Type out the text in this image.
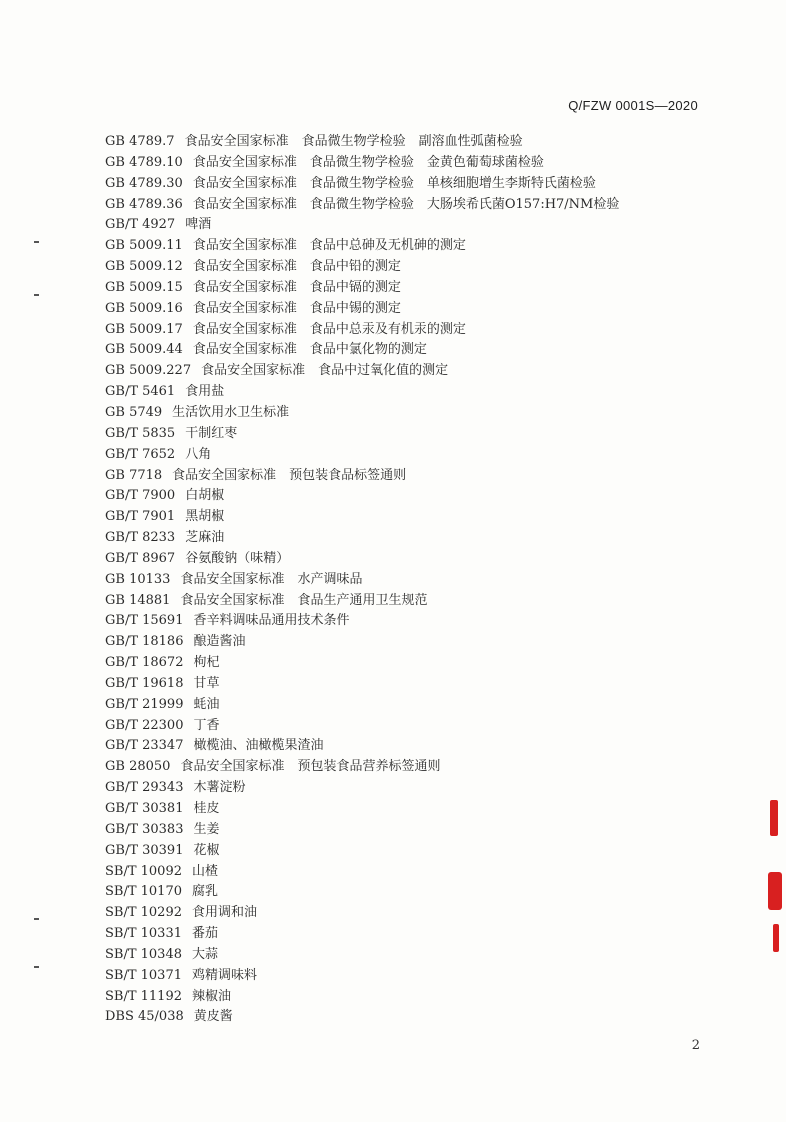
Q/FZW 0001S—2020
GB 4789.7 食品安全国家标准　食品微生物学检验　副溶血性弧菌检验
GB 4789.10 食品安全国家标准　食品微生物学检验　金黄色葡萄球菌检验
GB 4789.30 食品安全国家标准　食品微生物学检验　单核细胞增生李斯特氏菌检验
GB 4789.36 食品安全国家标准　食品微生物学检验　大肠埃希氏菌O157:H7/NM检验
GB/T 4927 啤酒
GB 5009.11 食品安全国家标准　食品中总砷及无机砷的测定
GB 5009.12 食品安全国家标准　食品中铅的测定
GB 5009.15 食品安全国家标准　食品中镉的测定
GB 5009.16 食品安全国家标准　食品中锡的测定
GB 5009.17 食品安全国家标准　食品中总汞及有机汞的测定
GB 5009.44 食品安全国家标准　食品中氯化物的测定
GB 5009.227 食品安全国家标准　食品中过氧化值的测定
GB/T 5461 食用盐
GB 5749 生活饮用水卫生标准
GB/T 5835 干制红枣
GB/T 7652 八角
GB 7718 食品安全国家标准　预包装食品标签通则
GB/T 7900 白胡椒
GB/T 7901 黑胡椒
GB/T 8233 芝麻油
GB/T 8967 谷氨酸钠（味精）
GB 10133 食品安全国家标准　水产调味品
GB 14881 食品安全国家标准　食品生产通用卫生规范
GB/T 15691 香辛料调味品通用技术条件
GB/T 18186 酿造酱油
GB/T 18672 枸杞
GB/T 19618 甘草
GB/T 21999 蚝油
GB/T 22300 丁香
GB/T 23347 橄榄油、油橄榄果渣油
GB 28050 食品安全国家标准　预包装食品营养标签通则
GB/T 29343 木薯淀粉
GB/T 30381 桂皮
GB/T 30383 生姜
GB/T 30391 花椒
SB/T 10092 山楂
SB/T 10170 腐乳
SB/T 10292 食用调和油
SB/T 10331 番茄
SB/T 10348 大蒜
SB/T 10371 鸡精调味料
SB/T 11192 辣椒油
DBS 45/038 黄皮酱
2
